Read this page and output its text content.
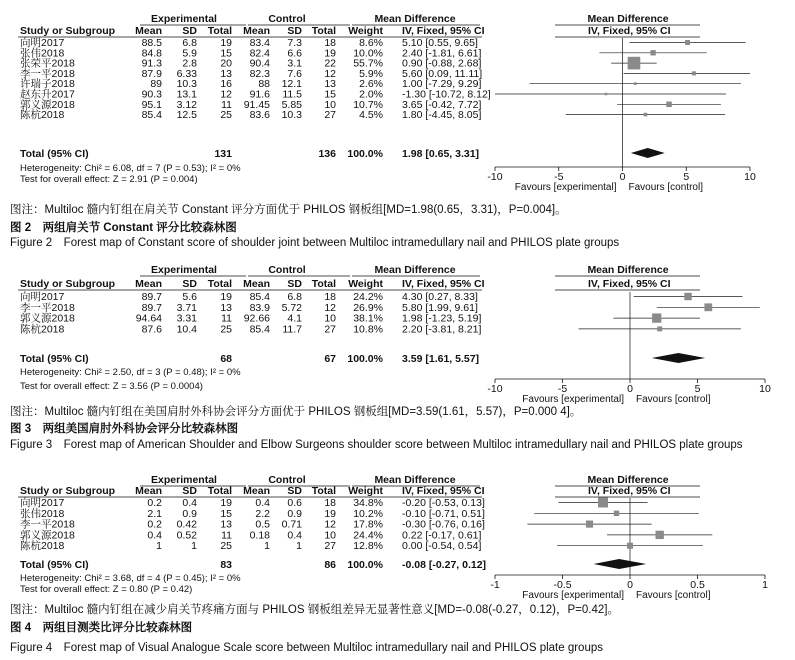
Experimental	Control	Mean Difference	Mean Difference
Study or Subgroup Mean SD Total Mean SD Total Weight IV, Fixed, 95% CI	IV, Fixed, 95% CI
向明2017	88.5 6.8 19 83.4 7.3 18 8.6% 5.10 [0.55, 9.65]
张伟2018	84.8 5.9 15 82.4 6.6 19 10.0% 2.40 [-1.81, 6.61]
张荣平2018	91.3 2.8 20 90.4 3.1 22 55.7% 0.90 [-0.88, 2.68]
李一平2018	87.9 6.33 13 82.3 7.6 12 5.9% 5.60 [0.09, 11.11]
许瑞子2018	89 10.3 16	88 12.1 13 2.6% 1.00 [-7.29, 9.29]
赵东升2017	90.3 13.1 12 91.6 11.5 15 2.0% -1.30 [-10.72, 8.12]
郭义源2018	95.1 3.12 11 91.45 5.85 10 10.7% 3.65 [-0.42, 7.72]
陈杭2018	85.4 12.5 25 83.6 10.3 27 4.5% 1.80 [-4.45, 8.05]
Total (95% CI)	131	136 100.0% 1.98 [0.65, 3.31]
Heterogeneity: Chi² = 6.08, df = 7 (P = 0.53); I² = 0%
Test for overall effect: Z = 2.91 (P = 0.004)	-10	-5	0	5	10
Favours [experimental] Favours [control]
图注：Multiloc 髓内钉组在肩关节 Constant 评分方面优于 PHILOS 钢板组[MD=1.98(0.65，3.31)，P=0.004]。
图 2　两组肩关节 Constant 评分比较森林图
Figure 2　Forest map of Constant score of shoulder joint between Multiloc intramedullary nail and PHILOS plate groups
Experimental	Control	Mean Difference	Mean Difference
Study or Subgroup Mean SD Total Mean SD Total Weight IV, Fixed, 95% CI	IV, Fixed, 95% CI
向明2017	89.7 5.6 19 85.4 6.8 18 24.2% 4.30 [0.27, 8.33]
李一平2018	89.7 3.71 13 83.9 5.72 12 26.9% 5.80 [1.99, 9.61]
郭义源2018	94.64 3.31 11 92.66 4.1 10 38.1% 1.98 [-1.23, 5.19]
陈杭2018	87.6 10.4 25 85.4 11.7 27 10.8% 2.20 [-3.81, 8.21]
Total (95% CI)	68	67 100.0% 3.59 [1.61, 5.57]
Heterogeneity: Chi² = 2.50, df = 3 (P = 0.48); I² = 0%
Test for overall effect: Z = 3.56 (P = 0.0004)	-10	-5	0	5	10
Favours [experimental] Favours [control]
图注：Multiloc 髓内钉组在美国肩肘外科协会评分方面优于 PHILOS 钢板组[MD=3.59(1.61，5.57)，P=0.000 4]。
图 3　两组美国肩肘外科协会评分比较森林图
Figure 3　Forest map of American Shoulder and Elbow Surgeons shoulder score between Multiloc intramedullary nail and PHILOS plate groups
Experimental	Control	Mean Difference	Mean Difference
Study or Subgroup Mean SD Total Mean SD Total Weight IV, Fixed, 95% CI	IV, Fixed, 95% CI
向明2017	0.2 0.4 19 0.4 0.6 18 34.8% -0.20 [-0.53, 0.13]
张伟2018	2.1 0.9 15 2.2 0.9 19 10.2% -0.10 [-0.71, 0.51]
李一平2018	0.2 0.42 13 0.5 0.71 12 17.8% -0.30 [-0.76, 0.16]
郭义源2018	0.4 0.52 11 0.18 0.4 10 24.4% 0.22 [-0.17, 0.61]
陈杭2018	1	1 25	1 1 27 12.8% 0.00 [-0.54, 0.54]
Total (95% CI)	83	86 100.0% -0.08 [-0.27, 0.12]
Heterogeneity: Chi² = 3.68, df = 4 (P = 0.45); I² = 0%
Test for overall effect: Z = 0.80 (P = 0.42)	-1	-0.5	0	0.5	1
Favours [experimental] Favours [control]
图注：Multiloc 髓内钉组在减少肩关节疼痛方面与 PHILOS 钢板组差异无显著性意义[MD=-0.08(-0.27，0.12)，P=0.42]。
图 4　两组目测类比评分比较森林图
Figure 4　Forest map of Visual Analogue Scale score between Multiloc intramedullary nail and PHILOS plate groups
